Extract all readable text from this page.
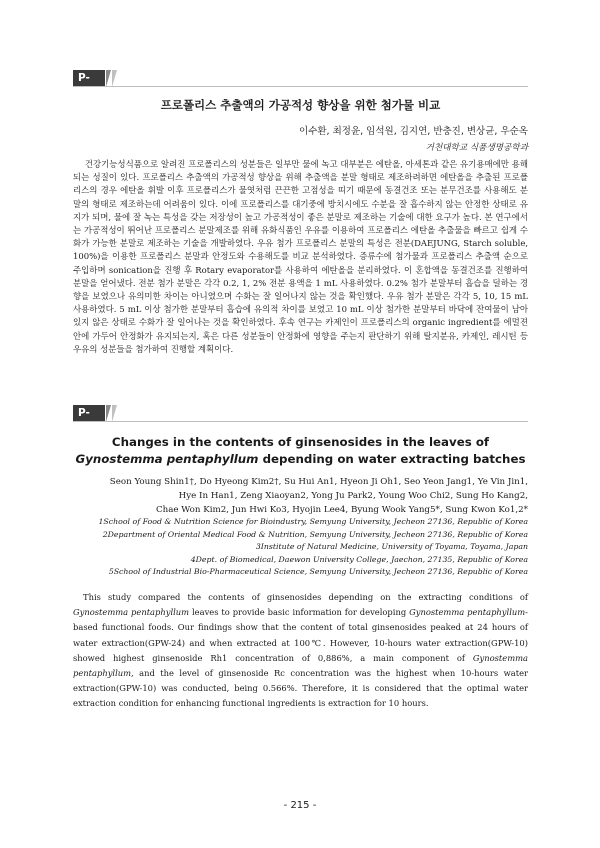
P-85
프로폴리스 추출액의 가공적성 향상을 위한 첨가물 비교
이수환, 최정윤, 임석원, 김지연, 반충진, 변상균, 우순옥
거천대학교 식품생명공학과

건강기능성식품으로 알려진 프로폴리스의 성분들은 일부만 물에 녹고 대부분은 에탄올, 아세톤과 같은 유기용매에만 용해되는 성질이 있다. 프로폴리스 추출액의 가공적성 향상을 위해 추출액을 분말 형태로 제조하려하면 에탄올을 추출된 프로폴리스의 경우 에탄올 휘발 이후 프로폴리스가 물엿처럼 끈끈한 고점성을 띠기 때문에 동결건조 또는 분무건조를 사용해도 분말의 형태로 제조하는데 어려움이 있다. 이에 프로폴리스를 대기중에 방치시에도 수분을 잘 흡수하지 않는 안정한 상태로 유지가 되며, 물에 잘 녹는 특성을 갖는 저장성이 높고 가공적성이 좋은 분말로 제조하는 기술에 대한 요구가 높다. 본 연구에서는 가공적성이 뛰어난 프로폴리스 분말제조를 위해 유화식품인 우유를 이용하여 프로폴리스 에탄올 추출물을 빠르고 쉽게 수화가 가능한 분말로 제조하는 기술을 개발하였다. 우유 첨가 프로폴리스 분말의 특성은 전분(DAEJUNG, Starch soluble, 100%)을 이용한 프로폴리스 분말과 안정도와 수용해도를 비교 분석하였다. 증류수에 첨가물과 프로폴리스 추출액 순으로 주입하며 sonication을 진행 후 Rotary evaporator를 사용하여 에탄올을 분리하였다. 이 혼합액을 동결건조를 진행하여 분말을 얻어냈다. 전분 첨가 분말은 각각 0.2, 1, 2% 전분 용액을 1 mL 사용하였다. 0.2% 첨가 분말부터 흡습을 덜하는 경향을 보였으나 유의미한 차이는 아니였으며 수화는 잘 일어나지 않는 것을 확인했다. 우유 첨가 분말은 각각 5, 10, 15 mL 사용하였다. 5 mL 이상 첨가한 분말부터 흡습에 유의적 차이를 보였고 10 mL 이상 첨가한 분말부터 바닥에 잔여물이 남아있지 않은 상태로 수화가 잘 일어나는 것을 확인하였다. 후속 연구는 카제인이 프로폴리스의 organic ingredient를 에멀젼 안에 가두어 안정화가 유지되는지, 혹은 다른 성분들이 안정화에 영향을 주는지 판단하기 위해 탈지분유, 카제인, 레시틴 등 우유의 성분들을 첨가하여 진행할 계획이다.

P-86
Changes in the contents of ginsenosides in the leaves of
Gynostemma pentaphyllum depending on water extracting batches
Seon Young Shin1†, Do Hyeong Kim2†, Su Hui An1, Hyeon Ji Oh1, Seo Yeon Jang1, Ye Vin Jin1,
Hye In Han1, Zeng Xiaoyan2, Yong Ju Park2, Young Woo Chi2, Sung Ho Kang2,
Chae Won Kim2, Jun Hwi Ko3, Hyojin Lee4, Byung Wook Yang5*, Sung Kwon Ko1,2*
1School of Food & Nutrition Science for Bioindustry, Semyung University, Jecheon 27136, Republic of Korea
2Department of Oriental Medical Food & Nutrition, Semyung University, Jecheon 27136, Republic of Korea
3Institute of Natural Medicine, University of Toyama, Toyama, Japan
4Dept. of Biomedical, Daewon University College, Jaechon, 27135, Republic of Korea
5School of Industrial Bio-Pharmaceutical Science, Semyung University, Jecheon 27136, Republic of Korea

This study compared the contents of ginsenosides depending on the extracting conditions of Gynostemma pentaphyllum leaves to provide basic information for developing Gynostemma pentaphyllum-based functional foods. Our findings show that the content of total ginsenosides peaked at 24 hours of water extraction(GPW-24) and when extracted at 100℃. However, 10-hours water extraction(GPW-10) showed highest ginsenoside Rh1 concentration of 0,886%, a main component of Gynostemma pentaphyllum, and the level of ginsenoside Rc concentration was the highest when 10-hours water extraction(GPW-10) was conducted, being 0.566%. Therefore, it is considered that the optimal water extraction condition for enhancing functional ingredients is extraction for 10 hours.

- 215 -
